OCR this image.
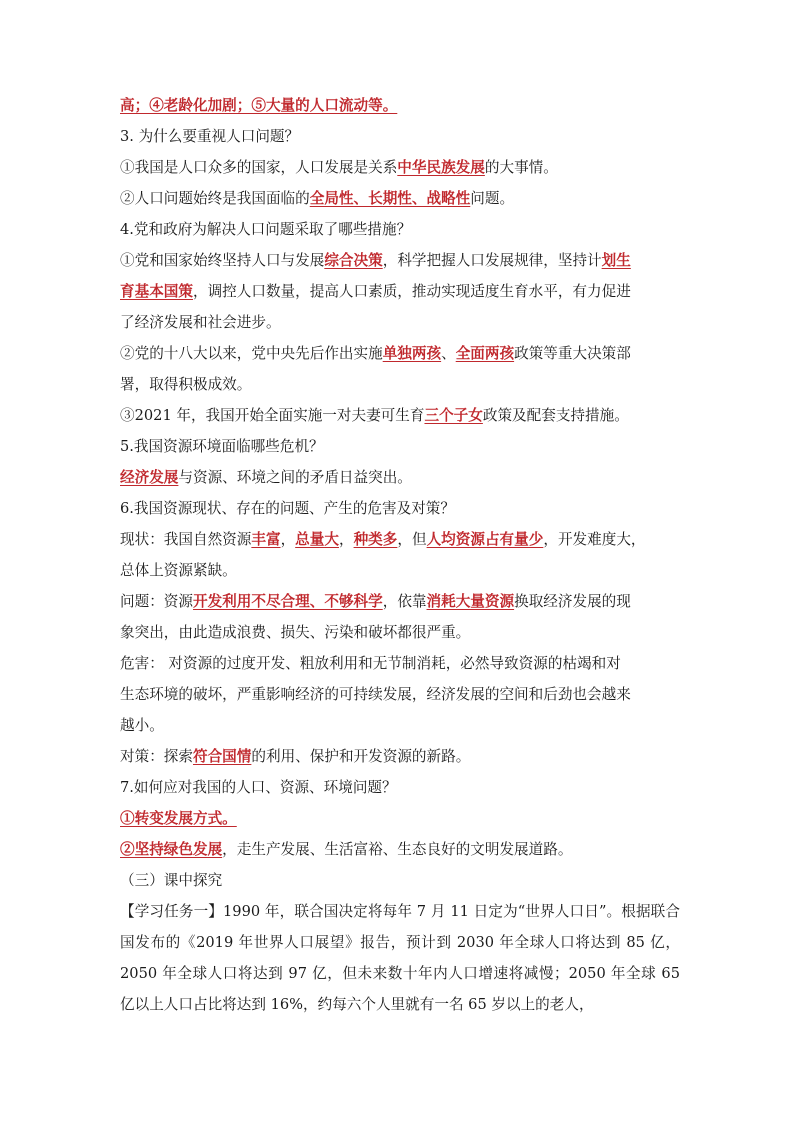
高；④老龄化加剧；⑤大量的人口流动等。
3. 为什么要重视人口问题？
①我国是人口众多的国家，人口发展是关系中华民族发展的大事情。
②人口问题始终是我国面临的全局性、长期性、战略性问题。
4.党和政府为解决人口问题采取了哪些措施？
①党和国家始终坚持人口与发展综合决策，科学把握人口发展规律，坚持计划生
育基本国策，调控人口数量，提高人口素质，推动实现适度生育水平，有力促进
了经济发展和社会进步。
②党的十八大以来，党中央先后作出实施单独两孩、全面两孩政策等重大决策部
署，取得积极成效。
③2021 年，我国开始全面实施一对夫妻可生育三个子女政策及配套支持措施。
5.我国资源环境面临哪些危机？
经济发展与资源、环境之间的矛盾日益突出。
6.我国资源现状、存在的问题、产生的危害及对策？
现状：我国自然资源丰富，总量大，种类多，但人均资源占有量少，开发难度大，
总体上资源紧缺。
问题：资源开发利用不尽合理、不够科学，依靠消耗大量资源换取经济发展的现
象突出，由此造成浪费、损失、污染和破坏都很严重。
危害： 对资源的过度开发、粗放利用和无节制消耗，必然导致资源的枯竭和对
生态环境的破坏，严重影响经济的可持续发展，经济发展的空间和后劲也会越来
越小。
对策：探索符合国情的利用、保护和开发资源的新路。
7.如何应对我国的人口、资源、环境问题？
①转变发展方式。
②坚持绿色发展，走生产发展、生活富裕、生态良好的文明发展道路。
（三）课中探究
【学习任务一】1990 年，联合国决定将每年 7 月 11 日定为“世界人口日”。根据联合国发布的《2019 年世界人口展望》报告，预计到 2030 年全球人口将达到 85 亿，2050 年全球人口将达到 97 亿，但未来数十年内人口增速将减慢；2050 年全球 65 亿以上人口占比将达到 16%，约每六个人里就有一名 65 岁以上的老人，
